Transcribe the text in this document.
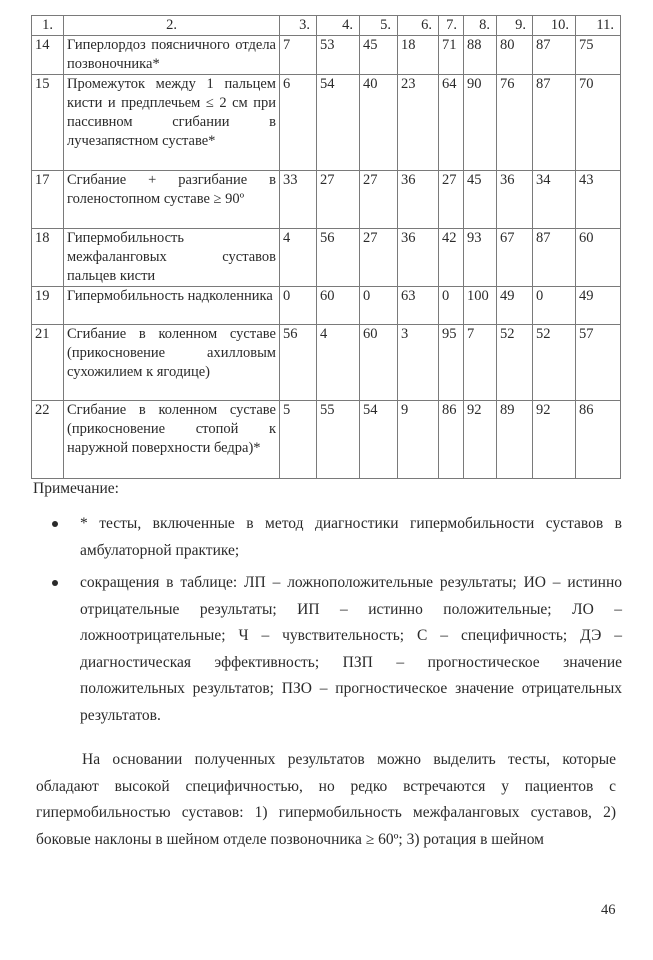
1.	2.	3.	4.	5.	6.	7.	8.	9.	10.	11.
14	Гиперлордоз поясничного отдела позвоночника*	7	53	45	18	71	88	80	87	75
15	Промежуток между 1 пальцем кисти и предплечьем ≤ 2 см при пассивном сгибании в лучезапястном суставе*	6	54	40	23	64	90	76	87	70
17	Сгибание + разгибание в голеностопном суставе ≥ 90º	33	27	27	36	27	45	36	34	43
18	Гипермобильность межфаланговых суставов пальцев кисти	4	56	27	36	42	93	67	87	60
19	Гипермобильность надколенника	0	60	0	63	0	100	49	0	49
21	Сгибание в коленном суставе (прикосновение ахилловым сухожилием к ягодице)	56	4	60	3	95	7	52	52	57
22	Сгибание в коленном суставе (прикосновение стопой к наружной поверхности бедра)*	5	55	54	9	86	92	89	92	86
Примечание:
* тесты, включенные в метод диагностики гипермобильности суставов в амбулаторной практике;
сокращения в таблице: ЛП – ложноположительные результаты; ИО – истинно отрицательные результаты; ИП – истинно положительные; ЛО – ложноотрицательные; Ч – чувствительность; С – специфичность; ДЭ – диагностическая эффективность; ПЗП – прогностическое значение положительных результатов; ПЗО – прогностическое значение отрицательных результатов.

На основании полученных результатов можно выделить тесты, которые обладают высокой специфичностью, но редко встречаются у пациентов с гипермобильностью суставов: 1) гипермобильность межфаланговых суставов, 2) боковые наклоны в шейном отделе позвоночника ≥ 60º; 3) ротация в шейном

46
